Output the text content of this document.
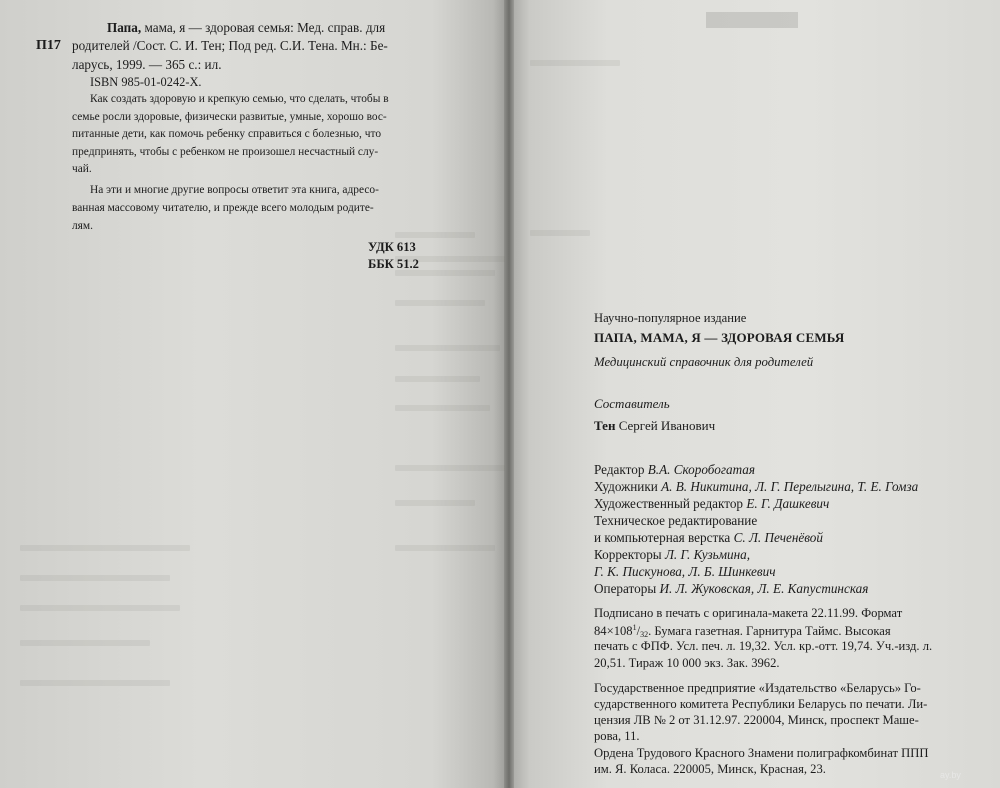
П17
Папа, мама, я — здоровая семья: Мед. справ. для
родителей /Сост. С. И. Тен; Под ред. С.И. Тена. Мн.: Бе-
ларусь, 1999. — 365 с.: ил.
ISBN 985-01-0242-X.
Как создать здоровую и крепкую семью, что сделать, чтобы в
семье росли здоровые, физически развитые, умные, хорошо вос-
питанные дети, как помочь ребенку справиться с болезнью, что
предпринять, чтобы с ребенком не произошел несчастный слу-
чай.
На эти и многие другие вопросы ответит эта книга, адресо-
ванная массовому читателю, и прежде всего молодым родите-
лям.
УДК 613
ББК 51.2
Научно-популярное издание
ПАПА, МАМА, Я — ЗДОРОВАЯ СЕМЬЯ
Медицинский справочник для родителей
Составитель
Тен Сергей Иванович
Редактор В.А. Скоробогатая
Художники А. В. Никитина, Л. Г. Перелыгина, Т. Е. Гомза
Художественный редактор Е. Г. Дашкевич
Техническое редактирование
и компьютерная верстка С. Л. Печенёвой
Корректоры Л. Г. Кузьмина,
Г. К. Пискунова, Л. Б. Шинкевич
Операторы И. Л. Жуковская, Л. Е. Капустинская
Подписано в печать с оригинала-макета 22.11.99. Формат
$84\times 108^1/_{32}$. Бумага газетная. Гарнитура Таймс. Высокая
печать с ФПФ. Усл. печ. л. 19,32. Усл. кр.-отт. 19,74. Уч.-изд. л.
20,51. Тираж 10 000 экз. Зак. 3962.
Государственное предприятие «Издательство «Беларусь» Го-
сударственного комитета Республики Беларусь по печати. Ли-
цензия ЛВ № 2 от 31.12.97. 220004, Минск, проспект Маше-
рова, 11.
Ордена Трудового Красного Знамени полиграфкомбинат ППП
им. Я. Коласа. 220005, Минск, Красная, 23.	ay.by
